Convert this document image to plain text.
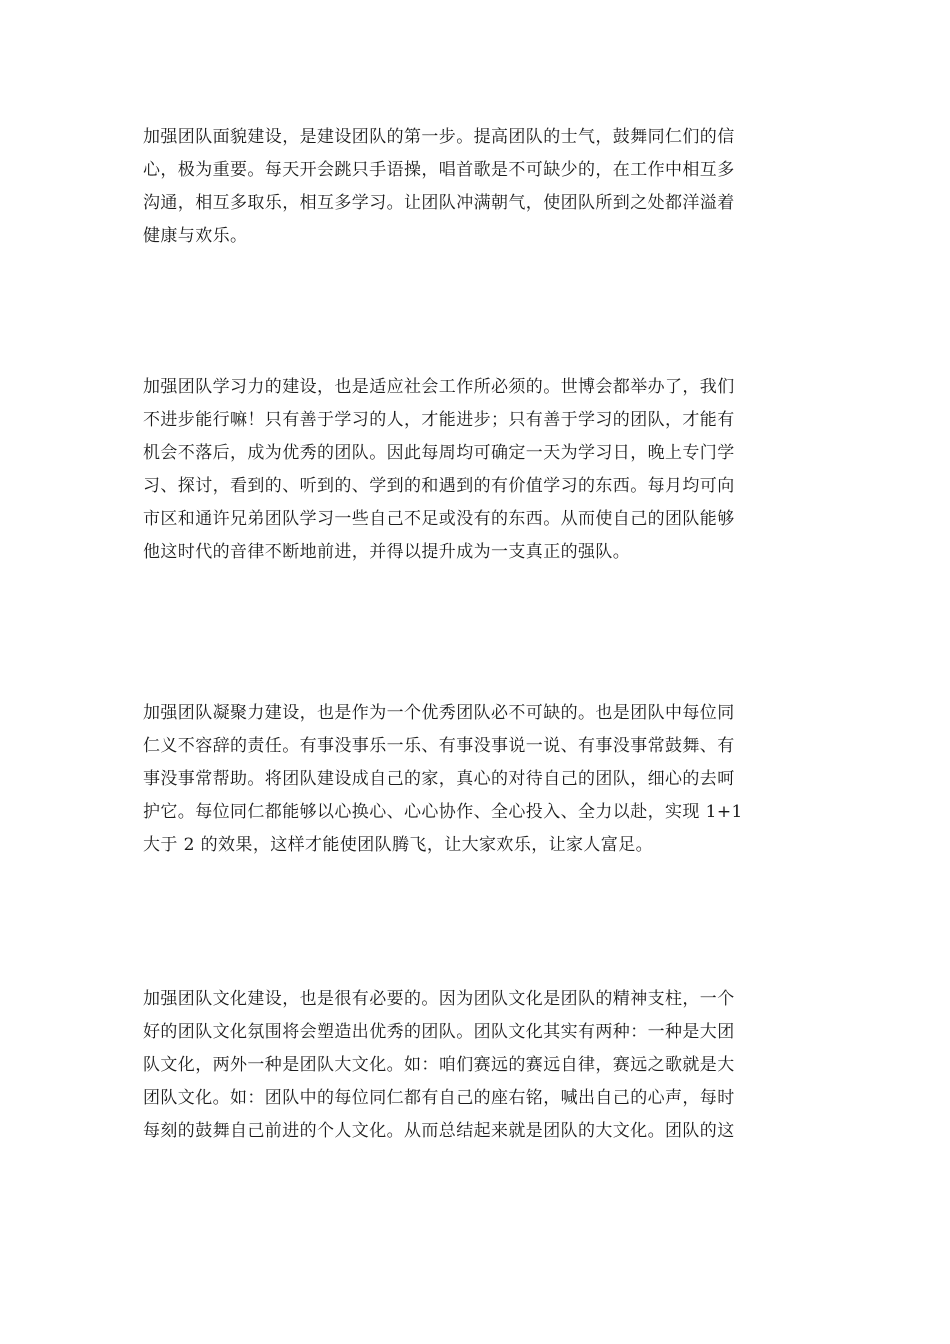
加强团队面貌建设，是建设团队的第一步。提高团队的士气，鼓舞同仁们的信
心，极为重要。每天开会跳只手语操，唱首歌是不可缺少的，在工作中相互多
沟通，相互多取乐，相互多学习。让团队冲满朝气，使团队所到之处都洋溢着
健康与欢乐。

加强团队学习力的建设，也是适应社会工作所必须的。世博会都举办了，我们
不进步能行嘛！只有善于学习的人，才能进步；只有善于学习的团队，才能有
机会不落后，成为优秀的团队。因此每周均可确定一天为学习日，晚上专门学
习、探讨，看到的、听到的、学到的和遇到的有价值学习的东西。每月均可向
市区和通许兄弟团队学习一些自己不足或没有的东西。从而使自己的团队能够
他这时代的音律不断地前进，并得以提升成为一支真正的强队。

加强团队凝聚力建设，也是作为一个优秀团队必不可缺的。也是团队中每位同
仁义不容辞的责任。有事没事乐一乐、有事没事说一说、有事没事常鼓舞、有
事没事常帮助。将团队建设成自己的家，真心的对待自己的团队，细心的去呵
护它。每位同仁都能够以心换心、心心协作、全心投入、全力以赴，实现 1+1
大于 2 的效果，这样才能使团队腾飞，让大家欢乐，让家人富足。

加强团队文化建设，也是很有必要的。因为团队文化是团队的精神支柱，一个
好的团队文化氛围将会塑造出优秀的团队。团队文化其实有两种：一种是大团
队文化，两外一种是团队大文化。如：咱们赛远的赛远自律，赛远之歌就是大
团队文化。如：团队中的每位同仁都有自己的座右铭，喊出自己的心声，每时
每刻的鼓舞自己前进的个人文化。从而总结起来就是团队的大文化。团队的这
